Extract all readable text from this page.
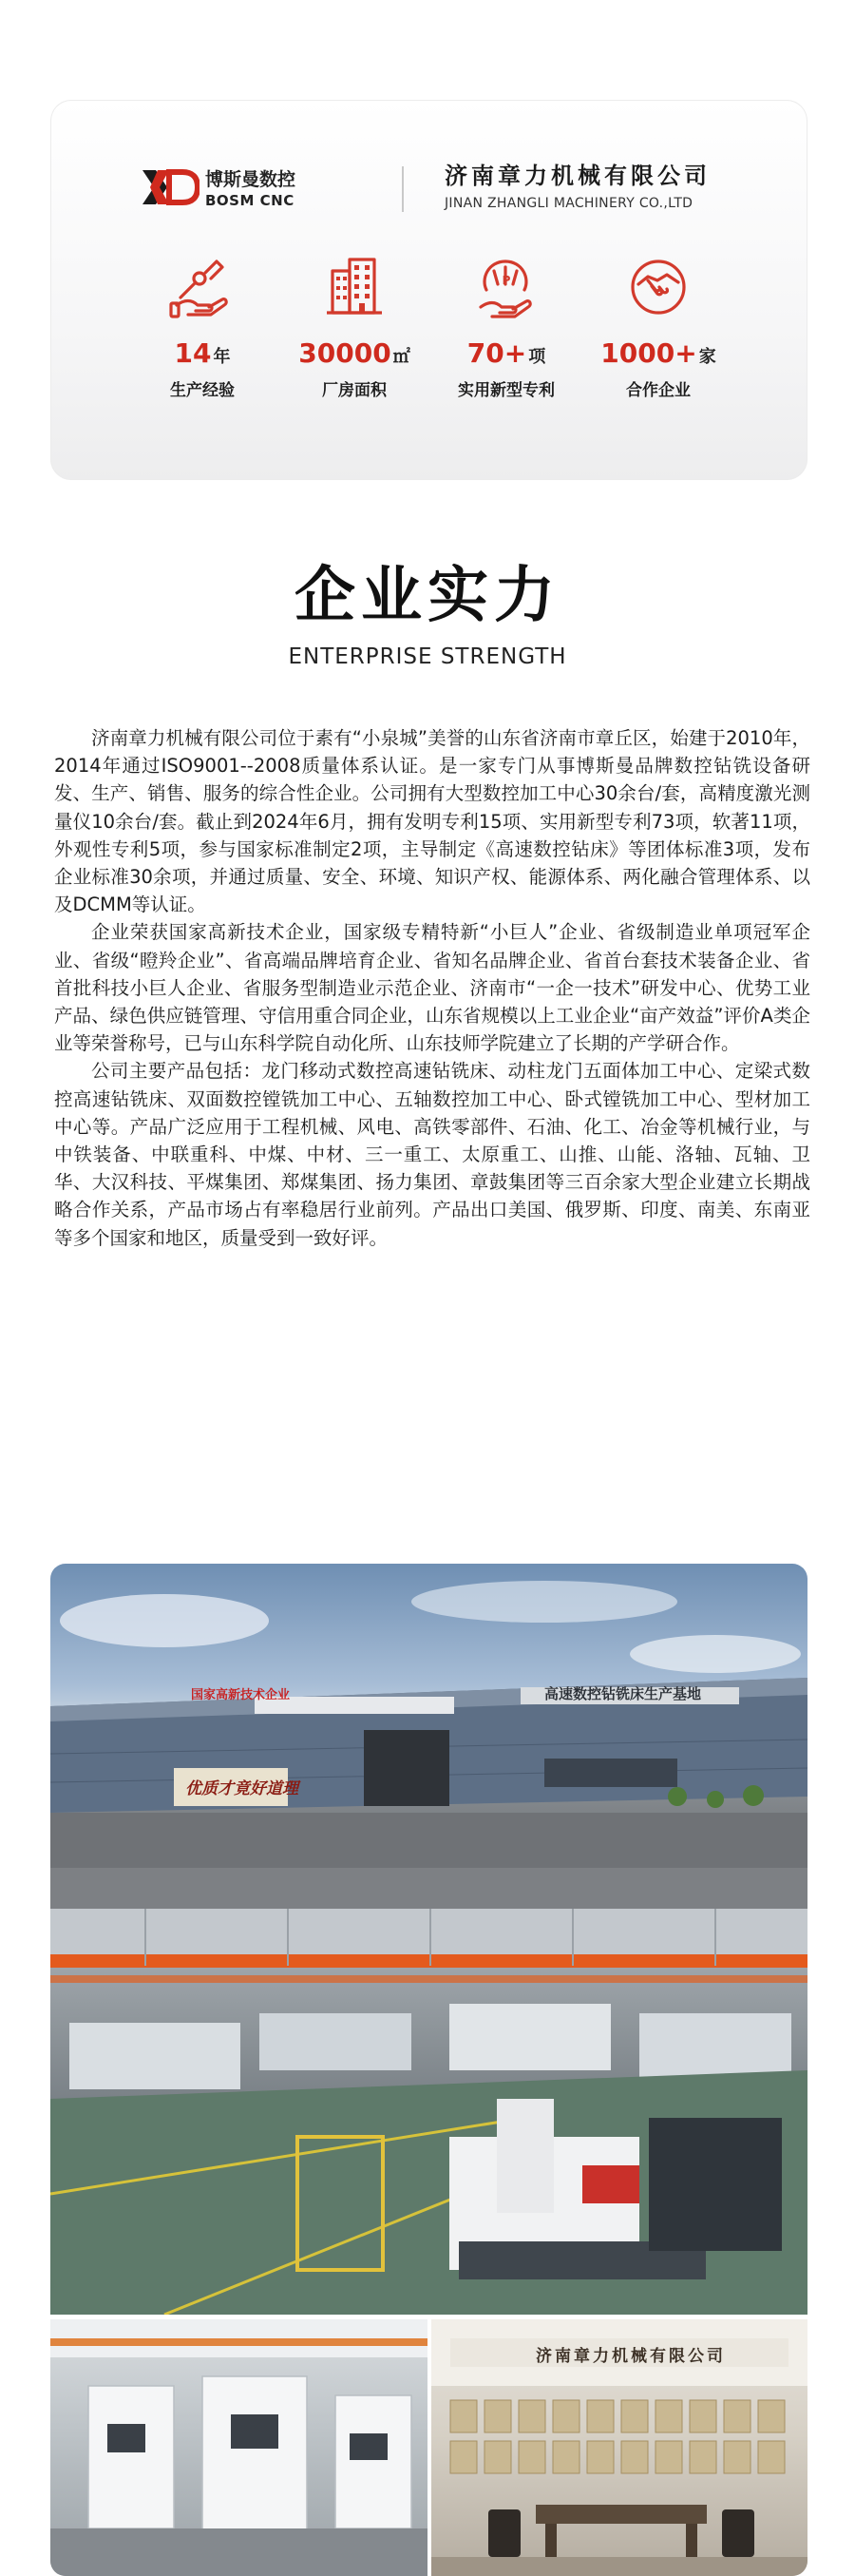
博斯曼数控
BOSM CNC
济南章力机械有限公司
JINAN ZHANGLI MACHINERY CO.,LTD
14 年
生产经验
30000 ㎡
厂房面积
P
70+ 项
实用新型专利
1000+ 家
合作企业
企业实力
ENTERPRISE STRENGTH

济南章力机械有限公司位于素有“小泉城”美誉的山东省济南市章丘区，始建于2010年，2014年通过ISO9001--2008质量体系认证。是一家专门从事博斯曼品牌数控钻铣设备研发、生产、销售、服务的综合性企业。公司拥有大型数控加工中心30余台/套，高精度激光测量仪10余台/套。截止到2024年6月，拥有发明专利15项、实用新型专利73项，软著11项，外观性专利5项，参与国家标准制定2项，主导制定《高速数控钻床》等团体标准3项，发布企业标准30余项，并通过质量、安全、环境、知识产权、能源体系、两化融合管理体系、以及DCMM等认证。

企业荣获国家高新技术企业，国家级专精特新“小巨人”企业、省级制造业单项冠军企业、省级“瞪羚企业”、省高端品牌培育企业、省知名品牌企业、省首台套技术装备企业、省首批科技小巨人企业、省服务型制造业示范企业、济南市“一企一技术”研发中心、优势工业产品、绿色供应链管理、守信用重合同企业，山东省规模以上工业企业“亩产效益”评价A类企业等荣誉称号，已与山东科学院自动化所、山东技师学院建立了长期的产学研合作。

公司主要产品包括：龙门移动式数控高速钻铣床、动柱龙门五面体加工中心、定梁式数控高速钻铣床、双面数控镗铣加工中心、五轴数控加工中心、卧式镗铣加工中心、型材加工中心等。产品广泛应用于工程机械、风电、高铁零部件、石油、化工、冶金等机械行业，与中铁装备、中联重科、中煤、中材、三一重工、太原重工、山推、山能、洛轴、瓦轴、卫华、大汉科技、平煤集团、郑煤集团、扬力集团、章鼓集团等三百余家大型企业建立长期战略合作关系，产品市场占有率稳居行业前列。产品出口美国、俄罗斯、印度、南美、东南亚等多个国家和地区，质量受到一致好评。

国家高新技术企业	高速数控钻铣床生产基地
优质才竟好道理
济南章力机械有限公司
